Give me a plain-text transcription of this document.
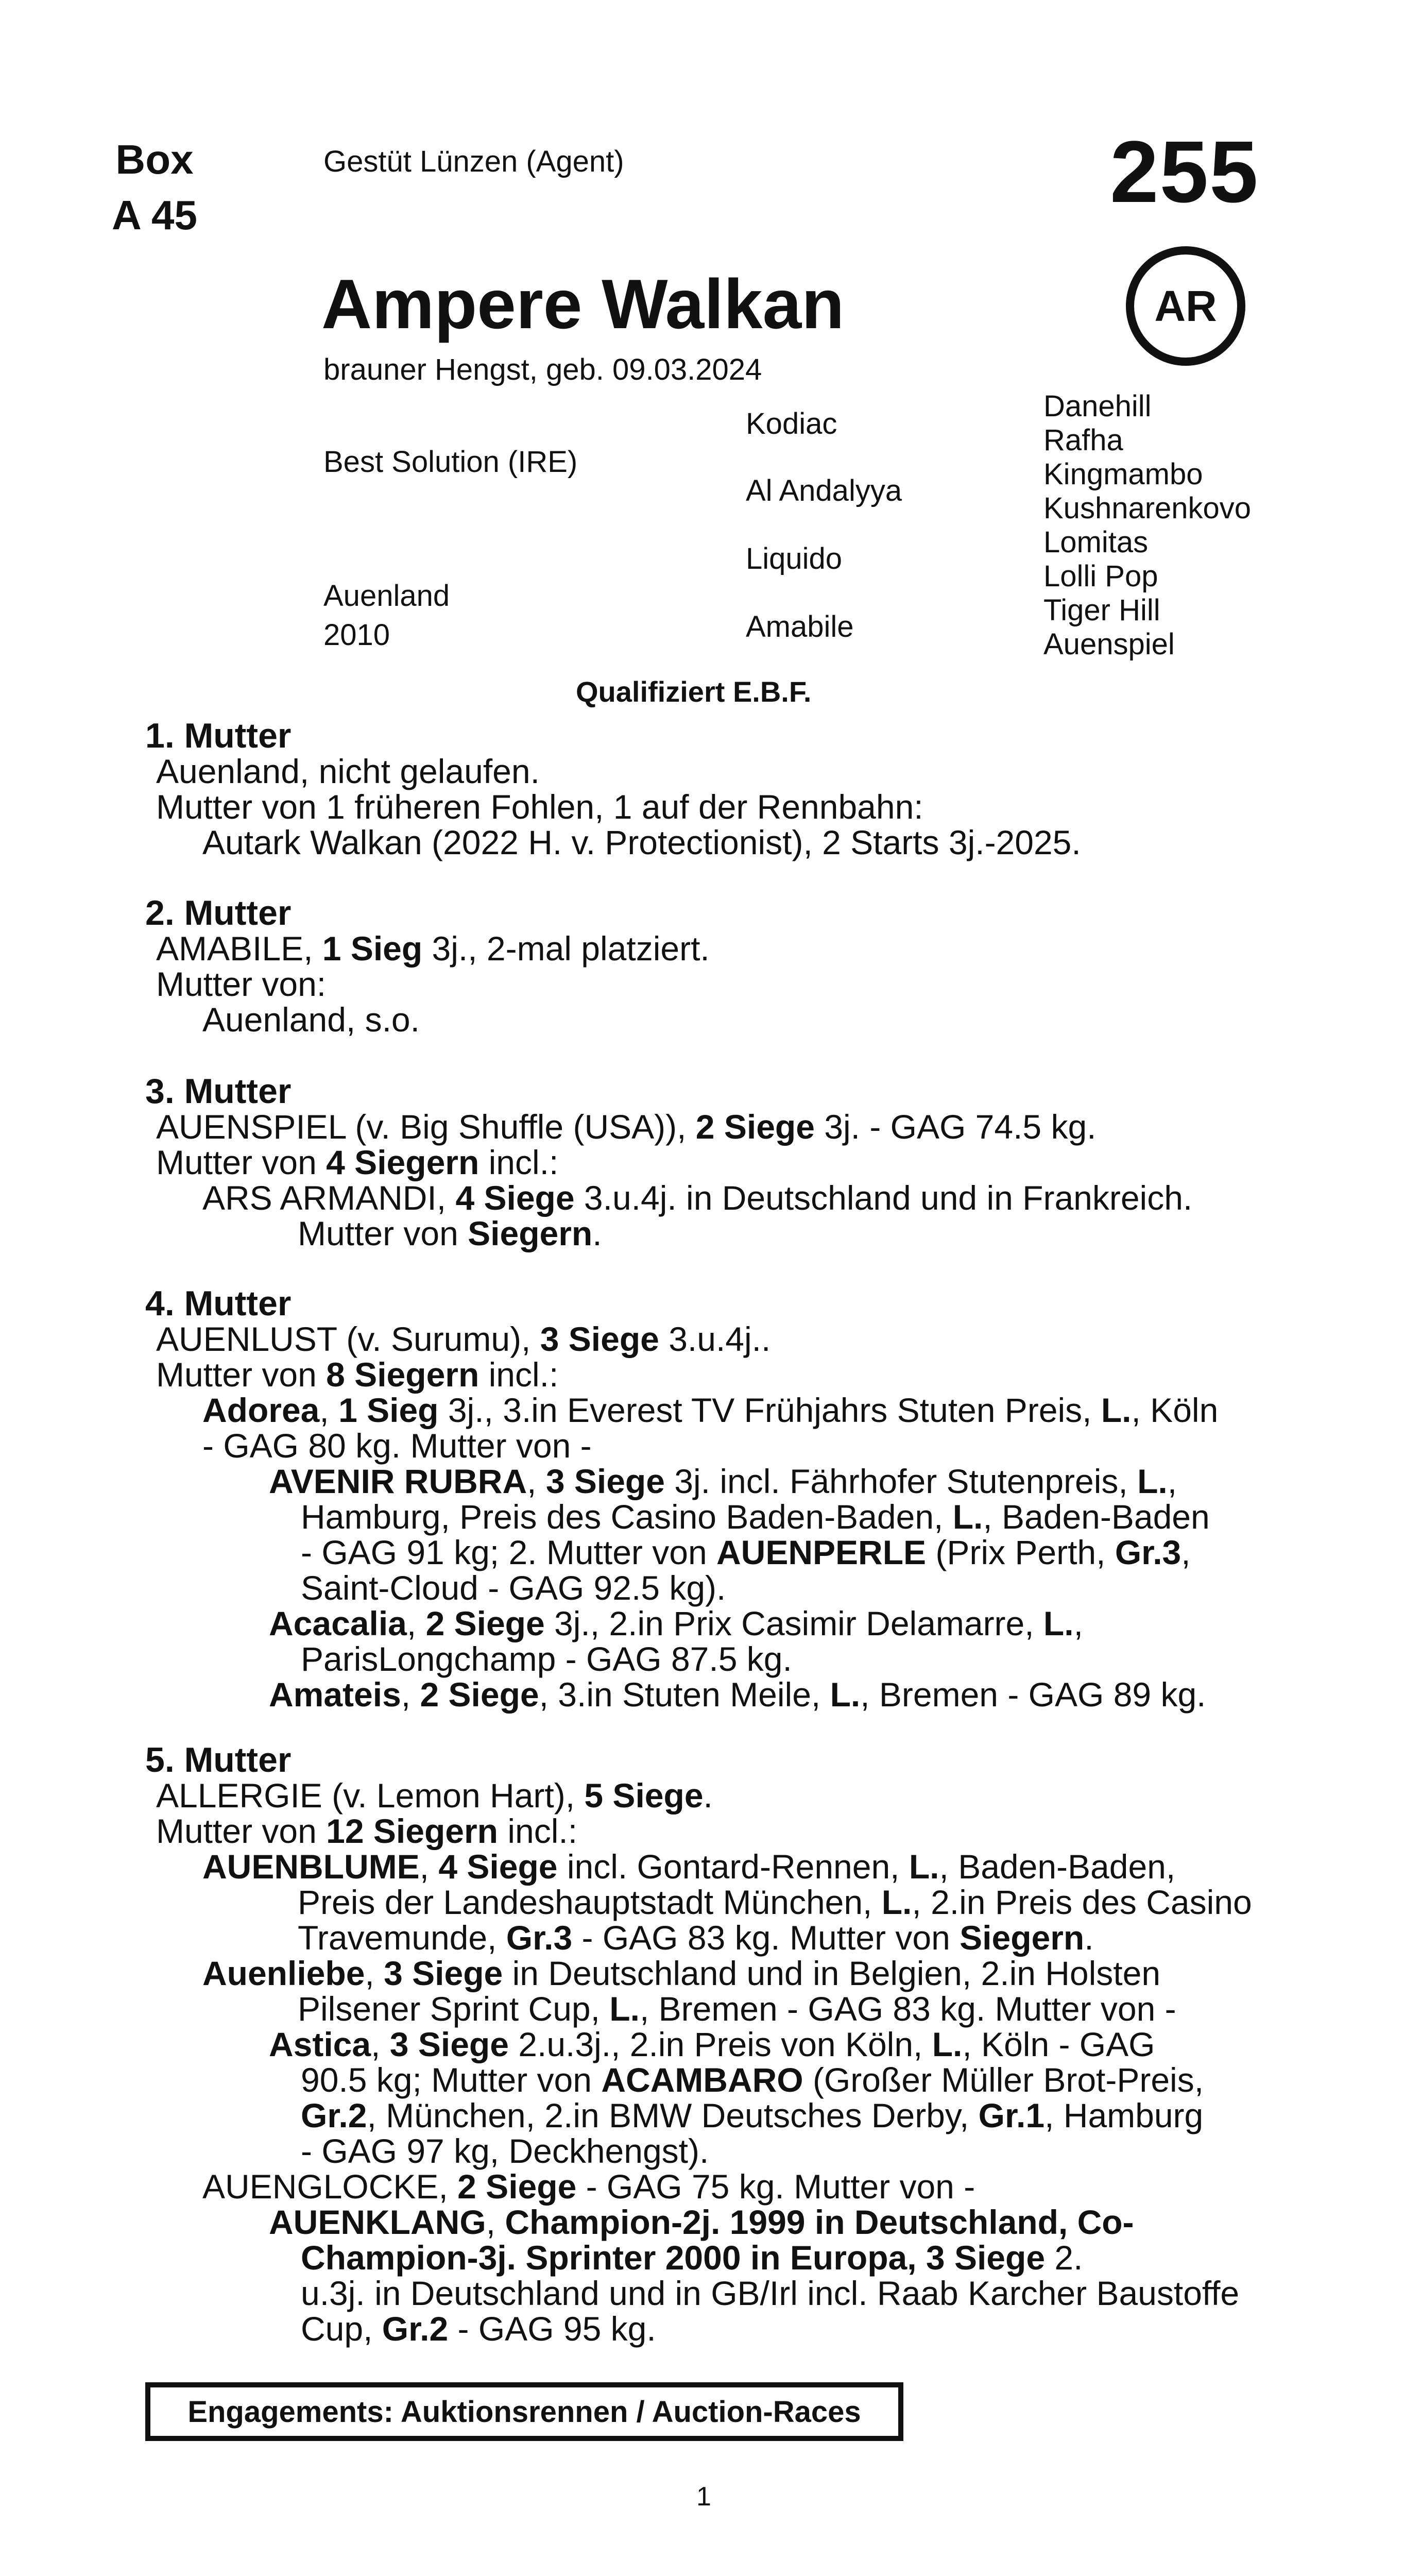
Box
A 45
Gestüt Lünzen (Agent)	255
AR
Ampere Walkan
brauner Hengst, geb. 09.03.2024
Best Solution (IRE)
Auenland
2010
Kodiac
Al Andalyya
Liquido
Amabile
Danehill
Rafha
Kingmambo
Kushnarenkovo
Lomitas
Lolli Pop
Tiger Hill
Auenspiel
Qualifiziert E.B.F.
1. Mutter
Auenland, nicht gelaufen.
Mutter von 1 früheren Fohlen, 1 auf der Rennbahn:
Autark Walkan (2022 H. v. Protectionist), 2 Starts 3j.-2025.
2. Mutter
AMABILE, 1 Sieg 3j., 2-mal platziert.
Mutter von:
Auenland, s.o.
3. Mutter
AUENSPIEL (v. Big Shuffle (USA)), 2 Siege 3j. - GAG 74.5 kg.
Mutter von 4 Siegern incl.:
ARS ARMANDI, 4 Siege 3.u.4j. in Deutschland und in Frankreich.
Mutter von Siegern.
4. Mutter
AUENLUST (v. Surumu), 3 Siege 3.u.4j..
Mutter von 8 Siegern incl.:
Adorea, 1 Sieg 3j., 3.in Everest TV Frühjahrs Stuten Preis, L., Köln
- GAG 80 kg. Mutter von -
AVENIR RUBRA, 3 Siege 3j. incl. Fährhofer Stutenpreis, L.,
Hamburg, Preis des Casino Baden-Baden, L., Baden-Baden
- GAG 91 kg; 2. Mutter von AUENPERLE (Prix Perth, Gr.3,
Saint-Cloud - GAG 92.5 kg).
Acacalia, 2 Siege 3j., 2.in Prix Casimir Delamarre, L.,
ParisLongchamp - GAG 87.5 kg.
Amateis, 2 Siege, 3.in Stuten Meile, L., Bremen - GAG 89 kg.
5. Mutter
ALLERGIE (v. Lemon Hart), 5 Siege.
Mutter von 12 Siegern incl.:
AUENBLUME, 4 Siege incl. Gontard-Rennen, L., Baden-Baden,
Preis der Landeshauptstadt München, L., 2.in Preis des Casino
Travemunde, Gr.3 - GAG 83 kg. Mutter von Siegern.
Auenliebe, 3 Siege in Deutschland und in Belgien, 2.in Holsten
Pilsener Sprint Cup, L., Bremen - GAG 83 kg. Mutter von -
Astica, 3 Siege 2.u.3j., 2.in Preis von Köln, L., Köln - GAG
90.5 kg; Mutter von ACAMBARO (Großer Müller Brot-Preis,
Gr.2, München, 2.in BMW Deutsches Derby, Gr.1, Hamburg
- GAG 97 kg, Deckhengst).
AUENGLOCKE, 2 Siege - GAG 75 kg. Mutter von -
AUENKLANG, Champion-2j. 1999 in Deutschland, Co-
Champion-3j. Sprinter 2000 in Europa, 3 Siege 2.
u.3j. in Deutschland und in GB/Irl incl. Raab Karcher Baustoffe
Cup, Gr.2 - GAG 95 kg.
Engagements: Auktionsrennen / Auction-Races
1
